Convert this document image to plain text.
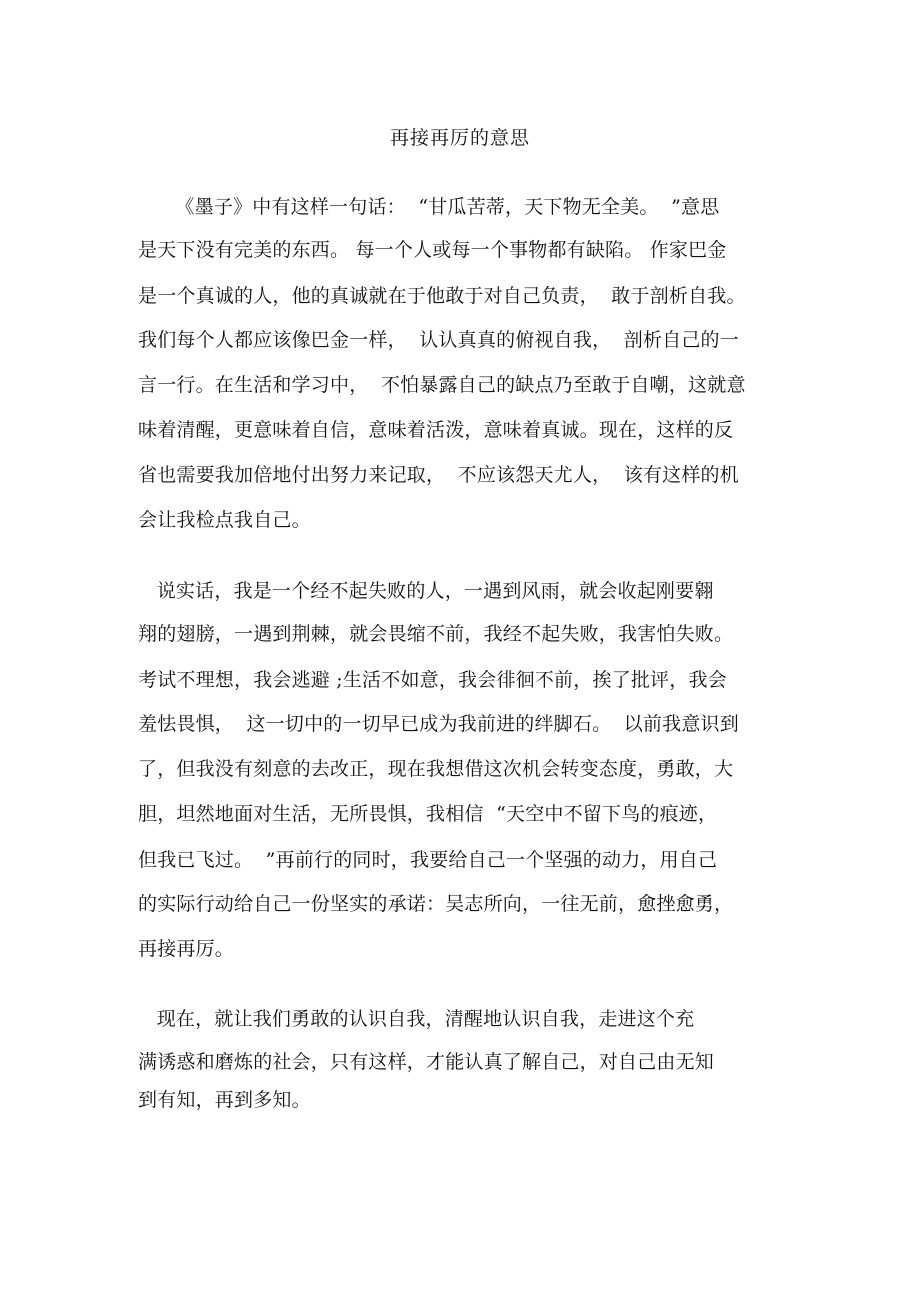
再接再厉的意思
《墨子》中有这样一句话：  “甘瓜苦蒂，天下物无全美。  ”意思
是天下没有完美的东西。 每一个人或每一个事物都有缺陷。 作家巴金
是一个真诚的人，他的真诚就在于他敢于对自己负责，  敢于剖析自我。
我们每个人都应该像巴金一样，  认认真真的俯视自我，  剖析自己的一
言一行。在生活和学习中，  不怕暴露自己的缺点乃至敢于自嘲，这就意
味着清醒，更意味着自信，意味着活泼，意味着真诚。现在，这样的反
省也需要我加倍地付出努力来记取，  不应该怨天尤人，  该有这样的机
会让我检点我自己。
说实话，我是一个经不起失败的人，一遇到风雨，就会收起刚要翱
翔的翅膀，一遇到荆棘，就会畏缩不前，我经不起失败，我害怕失败。
考试不理想，我会逃避 ;生活不如意，我会徘徊不前，挨了批评，我会
羞怯畏惧，  这一切中的一切早已成为我前进的绊脚石。  以前我意识到
了，但我没有刻意的去改正，现在我想借这次机会转变态度，勇敢，大
胆，坦然地面对生活，无所畏惧，我相信  “天空中不留下鸟的痕迹，
但我已飞过。  ”再前行的同时，我要给自己一个坚强的动力，用自己
的实际行动给自己一份坚实的承诺：吴志所向，一往无前，愈挫愈勇，
再接再厉。
现在，就让我们勇敢的认识自我，清醒地认识自我，走进这个充
满诱惑和磨炼的社会，只有这样，才能认真了解自己，对自己由无知
到有知，再到多知。
